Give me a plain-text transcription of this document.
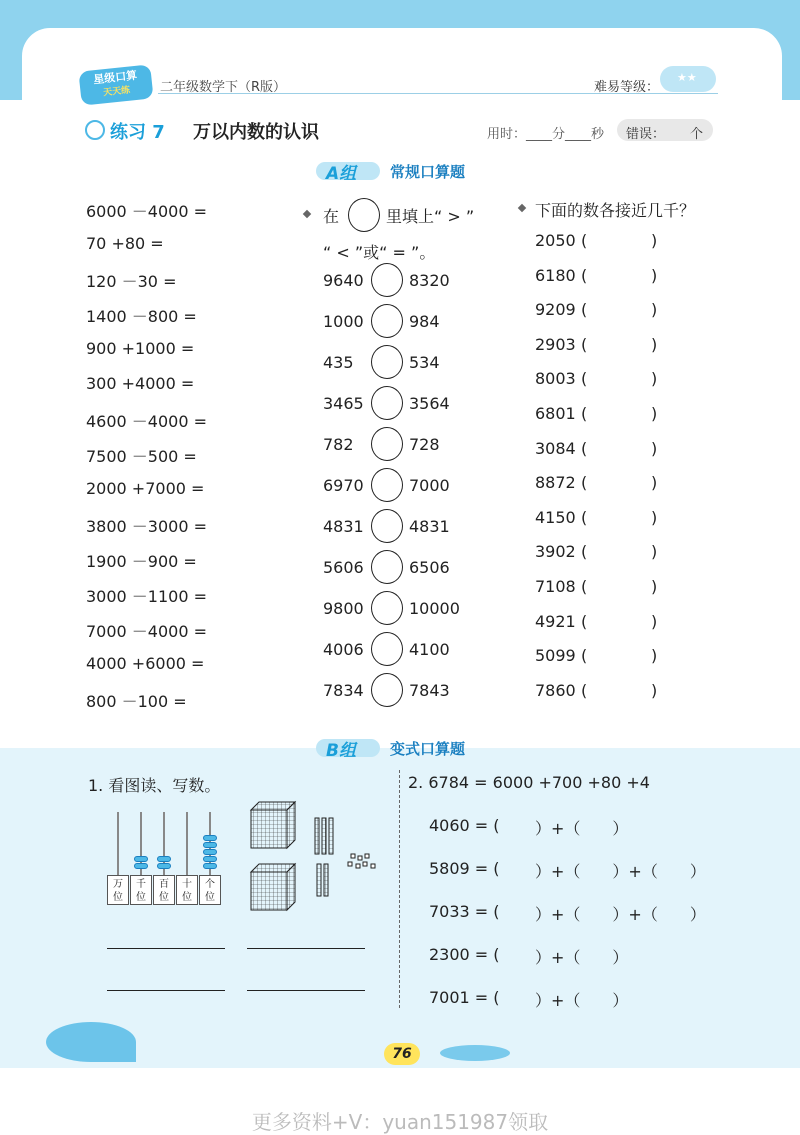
星级口算
天天练	二年级数学下（R版）	难易等级：
★★
练习 7 万以内数的认识	用时：____分____秒 错误： 个
A组 常规口算题
6000 －4000 =
70 +80 =
120 －30 =
1400 －800 =
900 +1000 =
300 +4000 =
4600 －4000 =
7500 －500 =
2000 +7000 =
3800 －3000 =
1900 －900 =
3000 －1100 =
7000 －4000 =
4000 +6000 =
800 －100 =
在	里填上“ > ”
“ < ”或“ = ”。
9640	8320
1000	984
435	534
3465	3564
782	728
6970	7000
4831	4831
5606	6506
9800	10000
4006	4100
7834	7843
下面的数各接近几千？
2050 (	)
6180 (	)
9209 (	)
2903 (	)
8003 (	)
6801 (	)
3084 (	)
8872 (	)
4150 (	)
3902 (	)
7108 (	)
4921 (	)
5099 (	)
7860 (	)
B组 变式口算题
1. 看图读、写数。
万
位
千
位
百
位
十
位
个
位
2. 6784 = 6000 +700 +80 +4
4060 = ( ）+（　　）
5809 = ( ）+（　　）+（　　）
7033 = ( ）+（　　）+（　　）
2300 = ( ）+（　　）
7001 = ( ）+（　　）
76
更多资料+V：yuan151987领取
